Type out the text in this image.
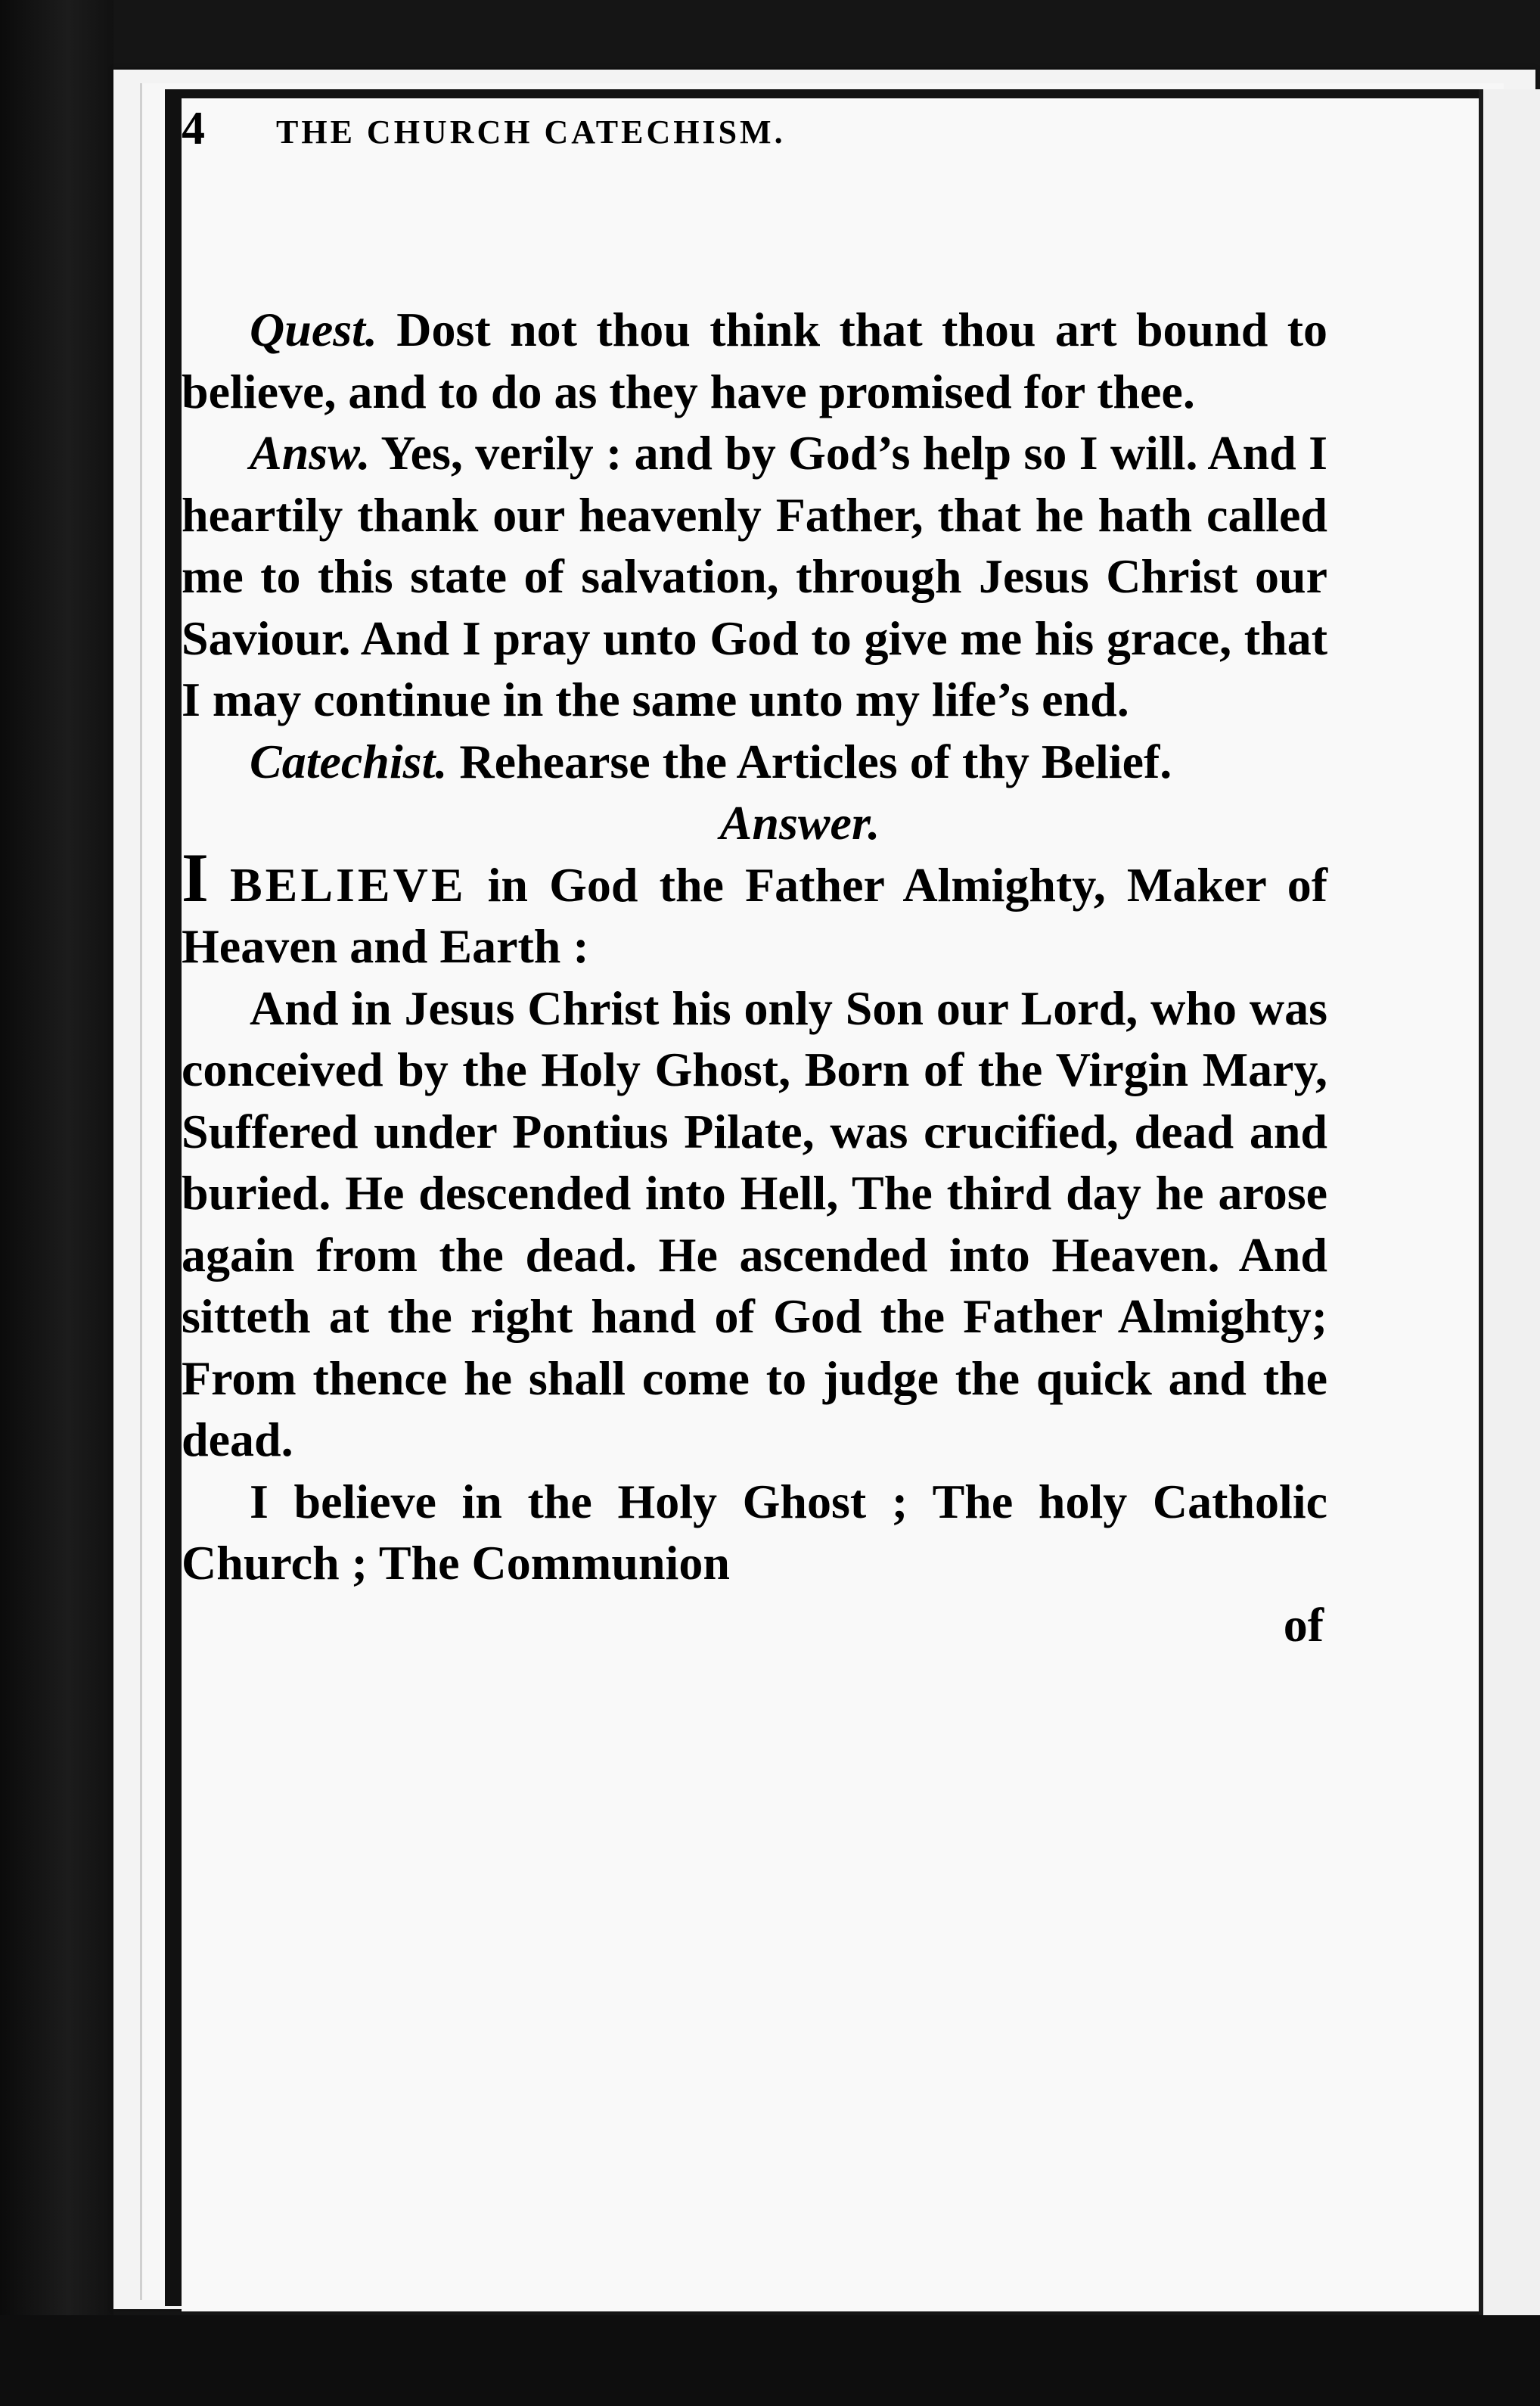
4 THE CHURCH CATECHISM.

Quest. Dost not thou think that thou art bound to believe, and to do as they have promised for thee.

Answ. Yes, verily : and by God’s help so I will. And I heartily thank our heavenly Father, that he hath called me to this state of salvation, through Jesus Christ our Saviour. And I pray unto God to give me his grace, that I may continue in the same unto my life’s end.

Catechist. Rehearse the Articles of thy Belief.

Answer.

I BELIEVE in God the Father Almighty, Maker of Heaven and Earth :

And in Jesus Christ his only Son our Lord, who was conceived by the Holy Ghost, Born of the Virgin Mary, Suffered under Pontius Pilate, was crucified, dead and buried. He descended into Hell, The third day he arose again from the dead. He ascended into Heaven. And sitteth at the right hand of God the Father Almighty; From thence he shall come to judge the quick and the dead.

I believe in the Holy Ghost ; The holy Catholic Church ; The Communion

of
